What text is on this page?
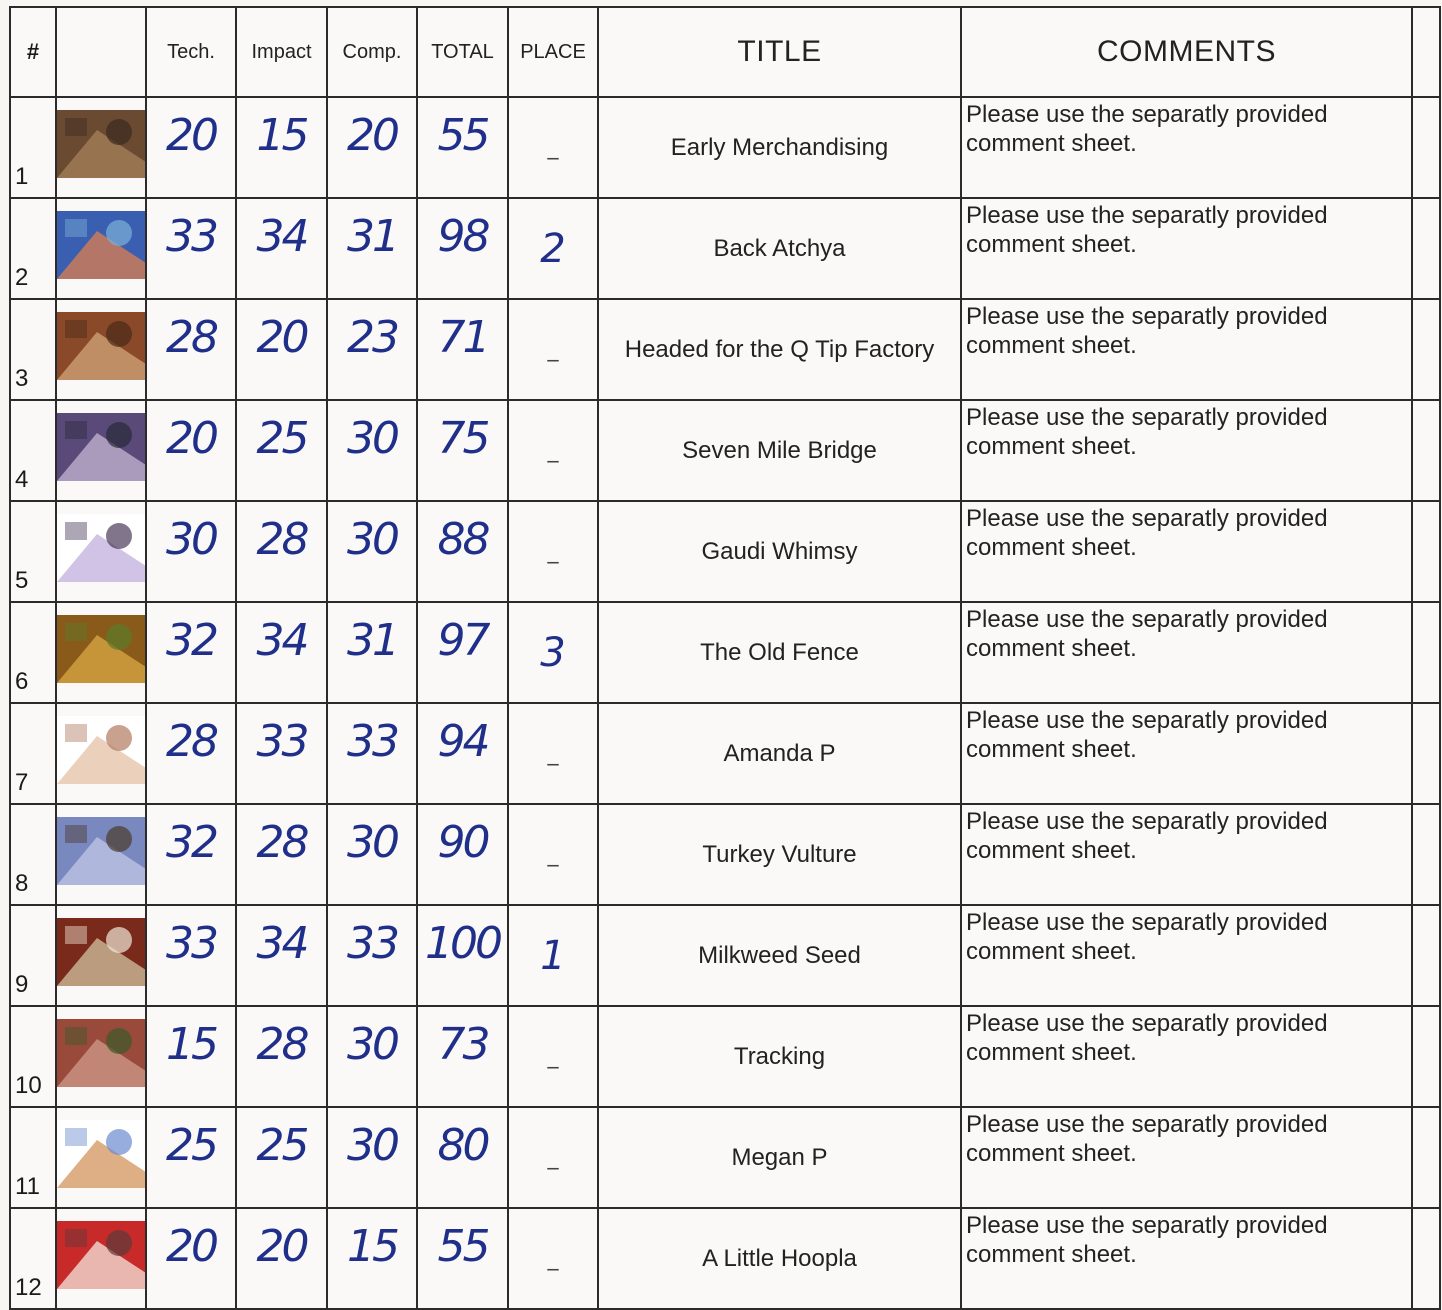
#		Tech.	Impact	Comp.	TOTAL	PLACE	TITLE	COMMENTS	
1		20	15	20	55	_	Early Merchandising	Please use the separatly provided comment sheet.	
2		33	34	31	98	2	Back Atchya	Please use the separatly provided comment sheet.	
3		28	20	23	71	_	Headed for the Q Tip Factory	Please use the separatly provided comment sheet.	
4		20	25	30	75	_	Seven Mile Bridge	Please use the separatly provided comment sheet.	
5		30	28	30	88	_	Gaudi Whimsy	Please use the separatly provided comment sheet.	
6		32	34	31	97	3	The Old Fence	Please use the separatly provided comment sheet.	
7		28	33	33	94	_	Amanda P	Please use the separatly provided comment sheet.	
8		32	28	30	90	_	Turkey Vulture	Please use the separatly provided comment sheet.	
9		33	34	33	100	1	Milkweed Seed	Please use the separatly provided comment sheet.	
10		15	28	30	73	_	Tracking	Please use the separatly provided comment sheet.	
11		25	25	30	80	_	Megan P	Please use the separatly provided comment sheet.	
12		20	20	15	55	_	A Little Hoopla	Please use the separatly provided comment sheet.	
